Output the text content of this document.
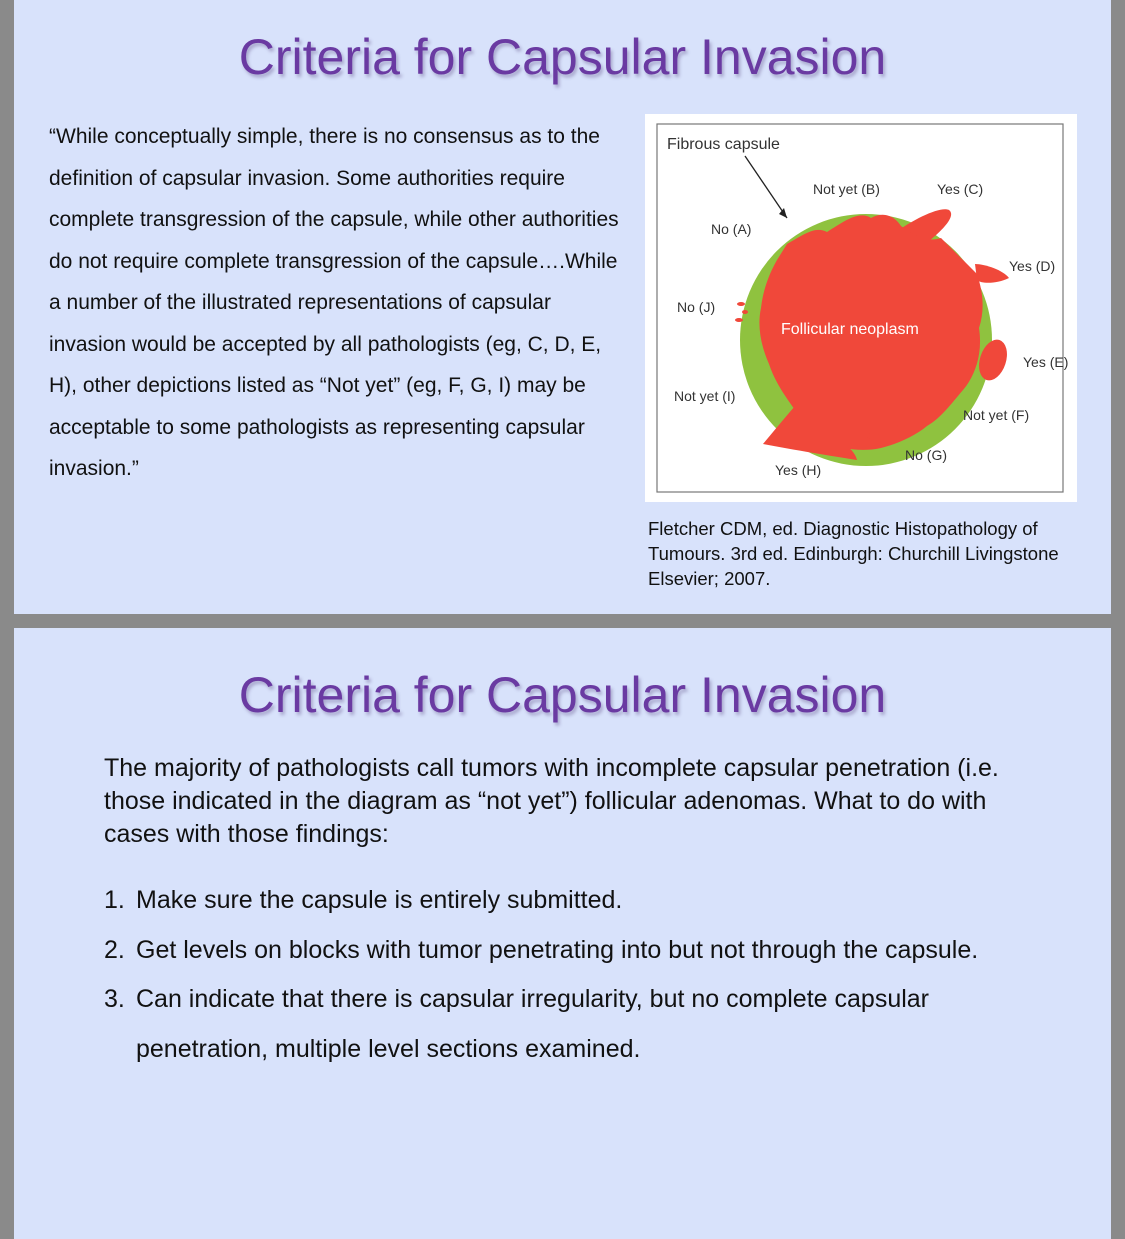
Criteria for Capsular Invasion

“While conceptually simple, there is no consensus as to the definition of capsular invasion. Some authorities require complete transgression of the capsule, while other authorities do not require complete transgression of the capsule….While a number of the illustrated representations of capsular invasion would be accepted by all pathologists (eg, C, D, E, H), other depictions listed as “Not yet” (eg, F, G, I) may be acceptable to some pathologists as representing capsular invasion.”

Fibrous capsule
Not yet (B)	Yes (C)
No (A)
Yes (D)
No (J)
Follicular neoplasm
Yes (E)
Not yet (I)
Not yet (F)
No (G)
Yes (H)

Fletcher CDM, ed. Diagnostic Histopathology of Tumours. 3rd ed. Edinburgh: Churchill Livingstone Elsevier; 2007.

Criteria for Capsular Invasion

The majority of pathologists call tumors with incomplete capsular penetration (i.e. those indicated in the diagram as “not yet”) follicular adenomas. What to do with cases with those findings:

1. Make sure the capsule is entirely submitted.
2. Get levels on blocks with tumor penetrating into but not through the capsule.
3. Can indicate that there is capsular irregularity, but no complete capsular penetration, multiple level sections examined.
